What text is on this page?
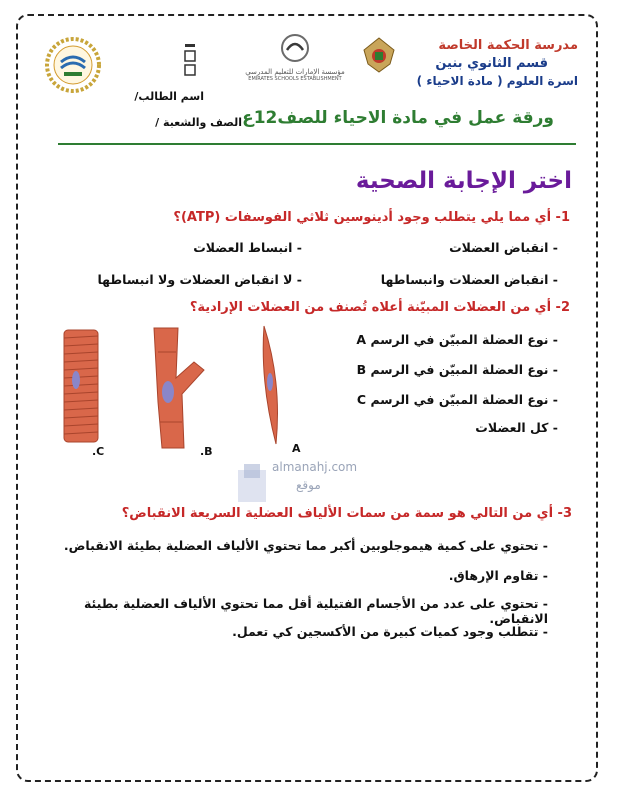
مؤسسة الإمارات للتعليم المدرسي
EMIRATES SCHOOLS ESTABLISHMENT
مدرسة الحكمة الخاصة
قسم الثانوي بنين
اسرة العلوم ( مادة الاحياء )
اسم الطالب/
الصف والشعبة / ورقة عمل في مادة الاحياء للصف12ع
اختر الإجابة الصحية
1- أي مما يلي يتطلب وجود أدينوسين ثلاثي الفوسفات (ATP)؟
- انقباض العضلات
- انبساط العضلات
- انقباض العضلات وانبساطها
- لا انقباض العضلات ولا انبساطها
2- أي من العضلات المبيّنة أعلاه تُصنف من العضلات الإرادية؟
- نوع العضلة المبيّن في الرسم A
- نوع العضلة المبيّن في الرسم B
- نوع العضلة المبيّن في الرسم C
- كل العضلات
.C	.B	A
almanahj.com
موقع
3- أي من التالي هو سمة من سمات الألياف العضلية السريعة الانقباض؟
- تحتوي على كمية هيموجلوبين أكبر مما تحتوي الألياف العضلية بطيئة الانقباض.
- تقاوم الإرهاق.
- تحتوي على عدد من الأجسام الفتيلية أقل مما تحتوي الألياف العضلية بطيئة الانقباض.
- تتطلب وجود كميات كبيرة من الأكسجين كي تعمل.
